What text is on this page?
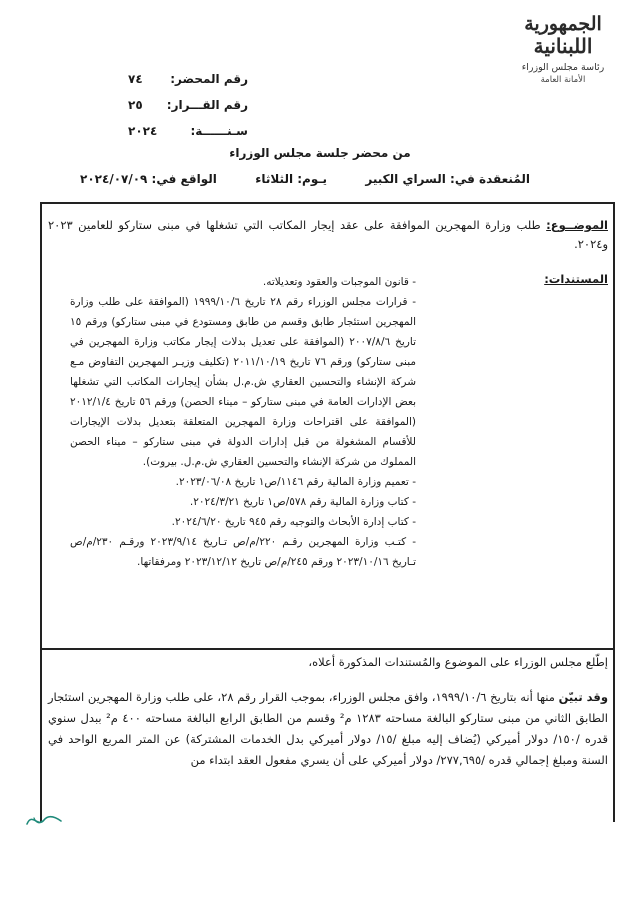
الجمهورية
اللبنانية
رئاسة مجلس الوزراء
الأمانة العامة
رقم المحضر:
٧٤
رقم القـــرار:
٢٥
سـنــــــة:
٢٠٢٤
من محضر جلسة مجلس الوزراء
المُنعقدة في: السراي الكبير
يـوم: الثلاثاء
الواقع في: ٢٠٢٤/٠٧/٠٩
الموضــوع: طلب وزارة المهجرين الموافقة على عقد إيجار المكاتب التي تشغلها في مبنى ستاركو للعامين ٢٠٢٣ و٢٠٢٤.
المستندات:
- قانون الموجبات والعقود وتعديلاته.
- قرارات مجلس الوزراء رقم ٢٨ تاريخ ١٩٩٩/١٠/٦ (الموافقة على طلب وزارة المهجرين استئجار طابق وقسم من طابق ومستودع في مبنى ستاركو) ورقم ١٥ تاريخ ٢٠٠٧/٨/٦ (الموافقة على تعديل بدلات إيجار مكاتب وزارة المهجرين في مبنى ستاركو) ورقم ٧٦ تاريخ ٢٠١١/١٠/١٩ (تكليف وزيـر المهجرين التفاوض مـع شركة الإنشاء والتحسين العقاري ش.م.ل بشأن إيجارات المكاتب التي تشغلها بعض الإدارات العامة في مبنى ستاركو – ميناء الحصن) ورقم ٥٦ تاريخ ٢٠١٢/١/٤ (الموافقة على اقتراحات وزارة المهجرين المتعلقة بتعديل بدلات الإيجارات للأقسام المشغولة من قبل إدارات الدولة في مبنى ستاركو – ميناء الحصن المملوك من شركة الإنشاء والتحسين العقاري ش.م.ل. بيروت).
- تعميم وزارة المالية رقم ١١٤٦/ص١ تاريخ ٢٠٢٣/٠٦/٠٨.
- كتاب وزارة المالية رقم ٥٧٨/ص١ تاريخ ٢٠٢٤/٣/٢١.
- كتاب إدارة الأبحاث والتوجيه رقم ٩٤٥ تاريخ ٢٠٢٤/٦/٢٠.
- كتـب وزارة المهجرين رقـم ٢٢٠/م/ص تـاريخ ٢٠٢٣/٩/١٤ ورقـم ٢٣٠/م/ص تـاريخ ٢٠٢٣/١٠/١٦ ورقم ٢٤٥/م/ص تاريخ ٢٠٢٣/١٢/١٢ ومرفقاتها.

إطّلع مجلس الوزراء على الموضوع والمُستندات المذكورة أعلاه،

وقد تبيّن منها أنه بتاريخ ١٩٩٩/١٠/٦، وافق مجلس الوزراء، بموجب القرار رقم ٢٨، على طلب وزارة المهجرين استئجار الطابق الثاني من مبنى ستاركو البالغة مساحته ١٢٨٣ م² وقسم من الطابق الرابع البالغة مساحته ٤٠٠ م² ببدل سنوي قدره /١٥٠/ دولار أميركي (يُضاف إليه مبلغ /١٥/ دولار أميركي بدل الخدمات المشتركة) عن المتر المربع الواحد في السنة ومبلغ إجمالي قدره /٢٧٧,٦٩٥/ دولار أميركي على أن يسري مفعول العقد ابتداء من
